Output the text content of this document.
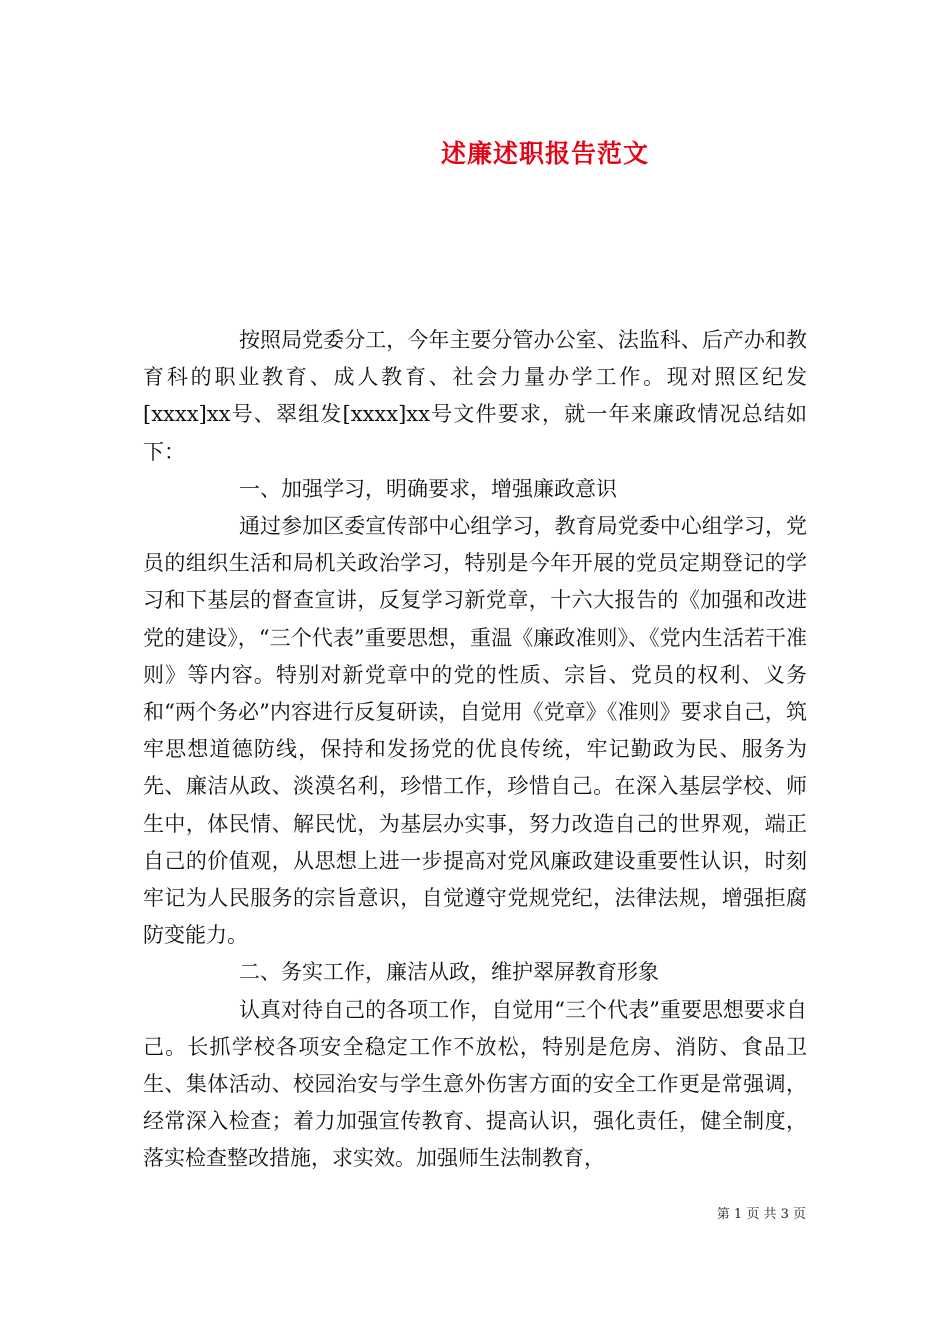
述廉述职报告范文

按照局党委分工，今年主要分管办公室、法监科、后产办和教育科的职业教育、成人教育、社会力量办学工作。现对照区纪发[xxxx]xx号、翠组发[xxxx]xx号文件要求，就一年来廉政情况总结如下：

一、加强学习，明确要求，增强廉政意识

通过参加区委宣传部中心组学习，教育局党委中心组学习，党员的组织生活和局机关政治学习，特别是今年开展的党员定期登记的学习和下基层的督查宣讲，反复学习新党章，十六大报告的《加强和改进党的建设》，“三个代表”重要思想，重温《廉政准则》、《党内生活若干准则》等内容。特别对新党章中的党的性质、宗旨、党员的权利、义务和“两个务必”内容进行反复研读，自觉用《党章》《准则》要求自己，筑牢思想道德防线，保持和发扬党的优良传统，牢记勤政为民、服务为先、廉洁从政、淡漠名利，珍惜工作，珍惜自己。在深入基层学校、师生中，体民情、解民忧，为基层办实事，努力改造自己的世界观，端正自己的价值观，从思想上进一步提高对党风廉政建设重要性认识，时刻牢记为人民服务的宗旨意识，自觉遵守党规党纪，法律法规，增强拒腐防变能力。

二、务实工作，廉洁从政，维护翠屏教育形象

认真对待自己的各项工作，自觉用“三个代表”重要思想要求自己。长抓学校各项安全稳定工作不放松，特别是危房、消防、食品卫生、集体活动、校园治安与学生意外伤害方面的安全工作更是常强调，经常深入检查；着力加强宣传教育、提高认识，强化责任，健全制度，落实检查整改措施，求实效。加强师生法制教育，

第 1 页 共 3 页
